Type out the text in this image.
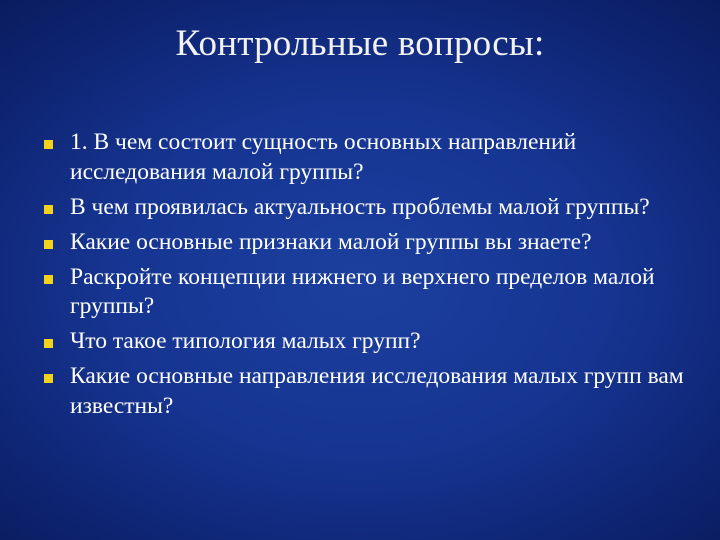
Контрольные вопросы:
1. В чем состоит сущность основных направлений исследования малой группы?
В чем проявилась актуальность проблемы малой группы?
Какие основные признаки малой группы вы знаете?
Раскройте концепции нижнего и верхнего пределов малой группы?
Что такое типология малых групп?
Какие основные направления исследования малых групп вам известны?
